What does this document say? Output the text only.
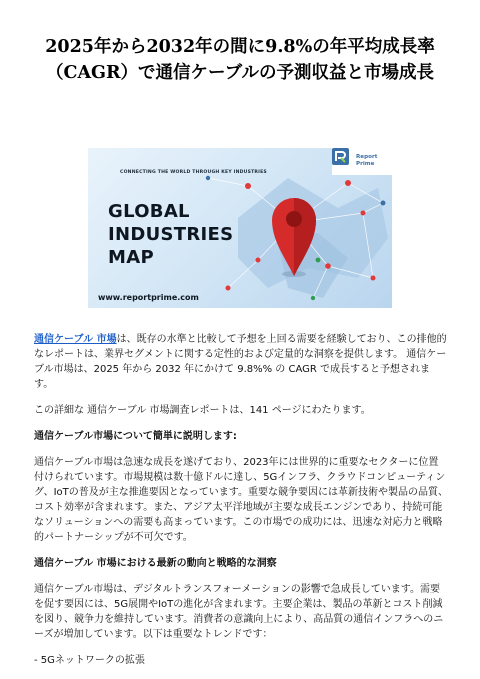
2025年から2032年の間に9.8%の年平均成長率（CAGR）で通信ケーブルの予測収益と市場成長
CONNECTING THE WORLD THROUGH KEY INDUSTRIES
GLOBAL
INDUSTRIES
MAP
www.reportprime.com
Report
Prime

通信ケーブル 市場は、既存の水準と比較して予想を上回る需要を経験しており、この排他的なレポートは、業界セグメントに関する定性的および定量的な洞察を提供します。 通信ケーブル市場は、2025 年から 2032 年にかけて 9.8%% の CAGR で成長すると予想されます。

この詳細な 通信ケーブル 市場調査レポートは、141 ページにわたります。

通信ケーブル市場について簡単に説明します:

通信ケーブル市場は急速な成長を遂げており、2023年には世界的に重要なセクターに位置付けられています。市場規模は数十億ドルに達し、5Gインフラ、クラウドコンピューティング、IoTの普及が主な推進要因となっています。重要な競争要因には革新技術や製品の品質、コスト効率が含まれます。また、アジア太平洋地域が主要な成長エンジンであり、持続可能なソリューションへの需要も高まっています。この市場での成功には、迅速な対応力と戦略的パートナーシップが不可欠です。

通信ケーブル 市場における最新の動向と戦略的な洞察

通信ケーブル市場は、デジタルトランスフォーメーションの影響で急成長しています。需要を促す要因には、5G展開やIoTの進化が含まれます。主要企業は、製品の革新とコスト削減を図り、競争力を維持しています。消費者の意識向上により、高品質の通信インフラへのニーズが増加しています。以下は重要なトレンドです：

- 5Gネットワークの拡張
